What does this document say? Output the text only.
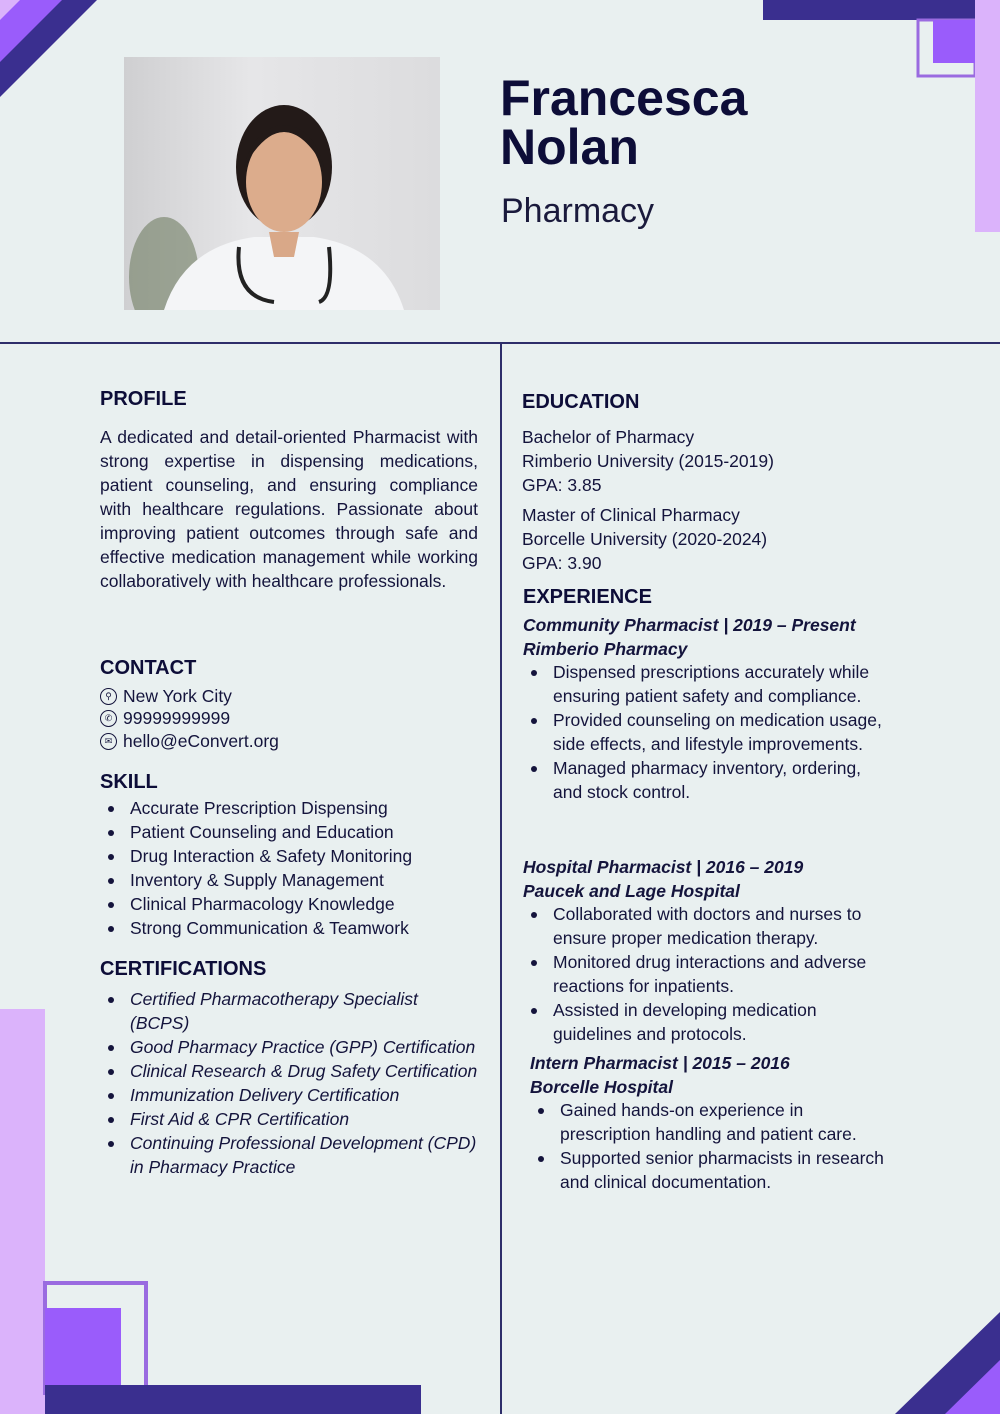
Francesca
Nolan
Pharmacy
PROFILE
A dedicated and detail-oriented Pharmacist with strong expertise in dispensing medications, patient counseling, and ensuring compliance with healthcare regulations. Passionate about improving patient outcomes through safe and effective medication management while working collaboratively with healthcare professionals.
CONTACT
⚲ New York City
✆ 99999999999
✉ hello@eConvert.org
SKILL
Accurate Prescription Dispensing
Patient Counseling and Education
Drug Interaction & Safety Monitoring
Inventory & Supply Management
Clinical Pharmacology Knowledge
Strong Communication & Teamwork
CERTIFICATIONS
Certified Pharmacotherapy Specialist (BCPS)
Good Pharmacy Practice (GPP) Certification
Clinical Research & Drug Safety Certification
Immunization Delivery Certification
First Aid & CPR Certification
Continuing Professional Development (CPD) in Pharmacy Practice
EDUCATION
Bachelor of Pharmacy
Rimberio University (2015-2019)
GPA: 3.85
Master of Clinical Pharmacy
Borcelle University (2020-2024)
GPA: 3.90
EXPERIENCE
Community Pharmacist | 2019 – Present
Rimberio Pharmacy
Dispensed prescriptions accurately while ensuring patient safety and compliance.
Provided counseling on medication usage, side effects, and lifestyle improvements.
Managed pharmacy inventory, ordering, and stock control.
Hospital Pharmacist | 2016 – 2019
Paucek and Lage Hospital
Collaborated with doctors and nurses to ensure proper medication therapy.
Monitored drug interactions and adverse reactions for inpatients.
Assisted in developing medication guidelines and protocols.
Intern Pharmacist | 2015 – 2016
Borcelle Hospital
Gained hands-on experience in prescription handling and patient care.
Supported senior pharmacists in research and clinical documentation.
